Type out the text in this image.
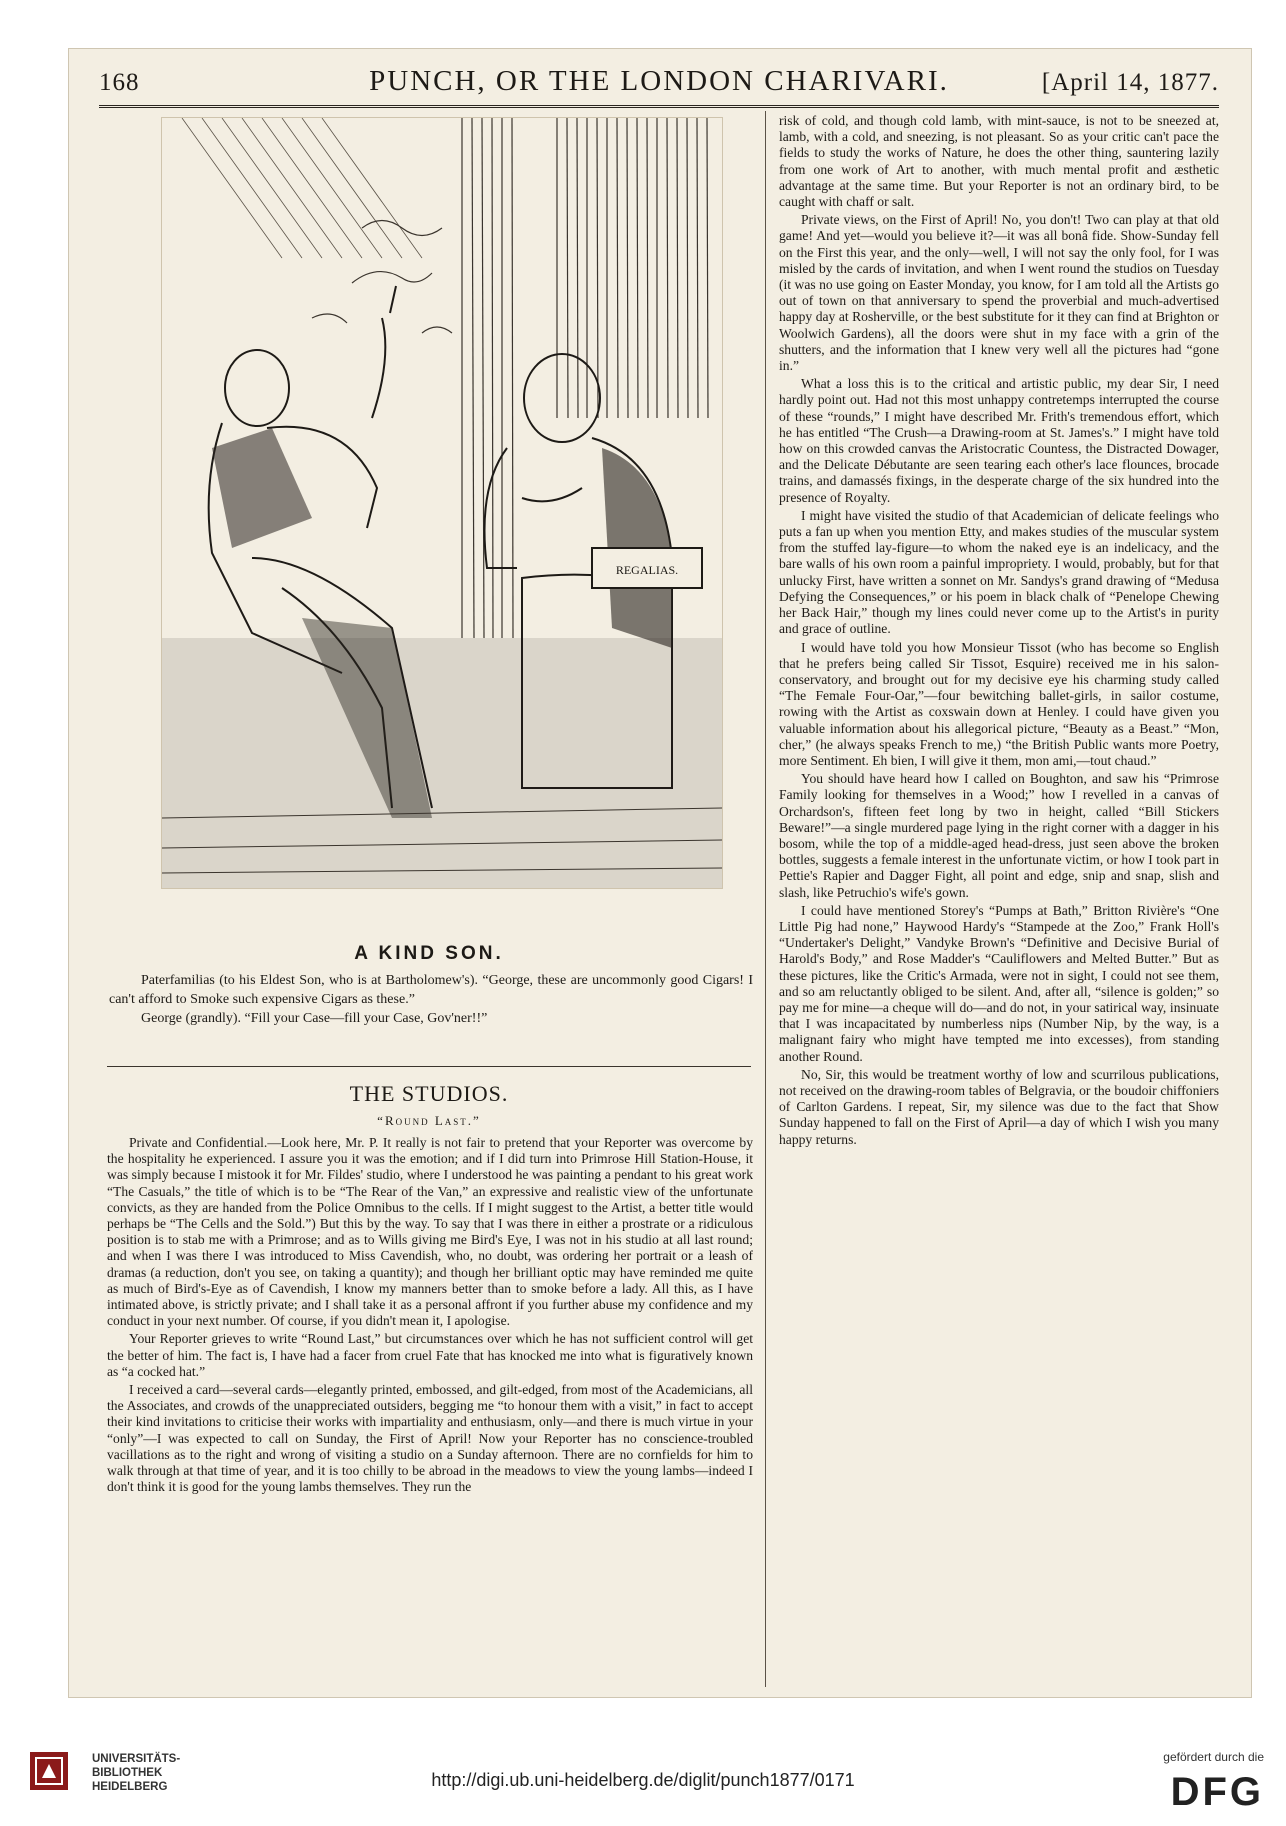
168	PUNCH, OR THE LONDON CHARIVARI.	[April 14, 1877.
REGALIAS.
A KIND SON.

Paterfamilias (to his Eldest Son, who is at Bartholomew's). “George, these are uncommonly good Cigars! I can't afford to Smoke such expensive Cigars as these.”

George (grandly). “Fill your Case—fill your Case, Gov'ner!!”

THE STUDIOS.
“Round Last.”

Private and Confidential.—Look here, Mr. P. It really is not fair to pretend that your Reporter was overcome by the hospitality he experienced. I assure you it was the emotion; and if I did turn into Primrose Hill Station-House, it was simply because I mistook it for Mr. Fildes' studio, where I understood he was painting a pendant to his great work “The Casuals,” the title of which is to be “The Rear of the Van,” an expressive and realistic view of the unfortunate convicts, as they are handed from the Police Omnibus to the cells. If I might suggest to the Artist, a better title would perhaps be “The Cells and the Sold.”) But this by the way. To say that I was there in either a prostrate or a ridiculous position is to stab me with a Primrose; and as to Wills giving me Bird's Eye, I was not in his studio at all last round; and when I was there I was introduced to Miss Cavendish, who, no doubt, was ordering her portrait or a leash of dramas (a reduction, don't you see, on taking a quantity); and though her brilliant optic may have reminded me quite as much of Bird's-Eye as of Cavendish, I know my manners better than to smoke before a lady. All this, as I have intimated above, is strictly private; and I shall take it as a personal affront if you further abuse my confidence and my conduct in your next number. Of course, if you didn't mean it, I apologise.

Your Reporter grieves to write “Round Last,” but circumstances over which he has not sufficient control will get the better of him. The fact is, I have had a facer from cruel Fate that has knocked me into what is figuratively known as “a cocked hat.”

I received a card—several cards—elegantly printed, embossed, and gilt-edged, from most of the Academicians, all the Associates, and crowds of the unappreciated outsiders, begging me “to honour them with a visit,” in fact to accept their kind invitations to criticise their works with impartiality and enthusiasm, only—and there is much virtue in your “only”—I was expected to call on Sunday, the First of April! Now your Reporter has no conscience-troubled vacillations as to the right and wrong of visiting a studio on a Sunday afternoon. There are no cornfields for him to walk through at that time of year, and it is too chilly to be abroad in the meadows to view the young lambs—indeed I don't think it is good for the young lambs themselves. They run the

risk of cold, and though cold lamb, with mint-sauce, is not to be sneezed at, lamb, with a cold, and sneezing, is not pleasant. So as your critic can't pace the fields to study the works of Nature, he does the other thing, sauntering lazily from one work of Art to another, with much mental profit and æsthetic advantage at the same time. But your Reporter is not an ordinary bird, to be caught with chaff or salt.

Private views, on the First of April! No, you don't! Two can play at that old game! And yet—would you believe it?—it was all bonâ fide. Show-Sunday fell on the First this year, and the only—well, I will not say the only fool, for I was misled by the cards of invitation, and when I went round the studios on Tuesday (it was no use going on Easter Monday, you know, for I am told all the Artists go out of town on that anniversary to spend the proverbial and much-advertised happy day at Rosherville, or the best substitute for it they can find at Brighton or Woolwich Gardens), all the doors were shut in my face with a grin of the shutters, and the information that I knew very well all the pictures had “gone in.”

What a loss this is to the critical and artistic public, my dear Sir, I need hardly point out. Had not this most unhappy contretemps interrupted the course of these “rounds,” I might have described Mr. Frith's tremendous effort, which he has entitled “The Crush—a Drawing-room at St. James's.” I might have told how on this crowded canvas the Aristocratic Countess, the Distracted Dowager, and the Delicate Débutante are seen tearing each other's lace flounces, brocade trains, and damassés fixings, in the desperate charge of the six hundred into the presence of Royalty.

I might have visited the studio of that Academician of delicate feelings who puts a fan up when you mention Etty, and makes studies of the muscular system from the stuffed lay-figure—to whom the naked eye is an indelicacy, and the bare walls of his own room a painful impropriety. I would, probably, but for that unlucky First, have written a sonnet on Mr. Sandys's grand drawing of “Medusa Defying the Consequences,” or his poem in black chalk of “Penelope Chewing her Back Hair,” though my lines could never come up to the Artist's in purity and grace of outline.

I would have told you how Monsieur Tissot (who has become so English that he prefers being called Sir Tissot, Esquire) received me in his salon-conservatory, and brought out for my decisive eye his charming study called “The Female Four-Oar,”—four bewitching ballet-girls, in sailor costume, rowing with the Artist as coxswain down at Henley. I could have given you valuable information about his allegorical picture, “Beauty as a Beast.” “Mon, cher,” (he always speaks French to me,) “the British Public wants more Poetry, more Sentiment. Eh bien, I will give it them, mon ami,—tout chaud.”

You should have heard how I called on Boughton, and saw his “Primrose Family looking for themselves in a Wood;” how I revelled in a canvas of Orchardson's, fifteen feet long by two in height, called “Bill Stickers Beware!”—a single murdered page lying in the right corner with a dagger in his bosom, while the top of a middle-aged head-dress, just seen above the broken bottles, suggests a female interest in the unfortunate victim, or how I took part in Pettie's Rapier and Dagger Fight, all point and edge, snip and snap, slish and slash, like Petruchio's wife's gown.

I could have mentioned Storey's “Pumps at Bath,” Britton Rivière's “One Little Pig had none,” Haywood Hardy's “Stampede at the Zoo,” Frank Holl's “Undertaker's Delight,” Vandyke Brown's “Definitive and Decisive Burial of Harold's Body,” and Rose Madder's “Cauliflowers and Melted Butter.” But as these pictures, like the Critic's Armada, were not in sight, I could not see them, and so am reluctantly obliged to be silent. And, after all, “silence is golden;” so pay me for mine—a cheque will do—and do not, in your satirical way, insinuate that I was incapacitated by numberless nips (Number Nip, by the way, is a malignant fairy who might have tempted me into excesses), from standing another Round.

No, Sir, this would be treatment worthy of low and scurrilous publications, not received on the drawing-room tables of Belgravia, or the boudoir chiffoniers of Carlton Gardens. I repeat, Sir, my silence was due to the fact that Show Sunday happened to fall on the First of April—a day of which I wish you many happy returns.

UNIVERSITÄTS-
BIBLIOTHEK
HEIDELBERG	http://digi.ub.uni-heidelberg.de/diglit/punch1877/0171
gefördert durch die
DFG
